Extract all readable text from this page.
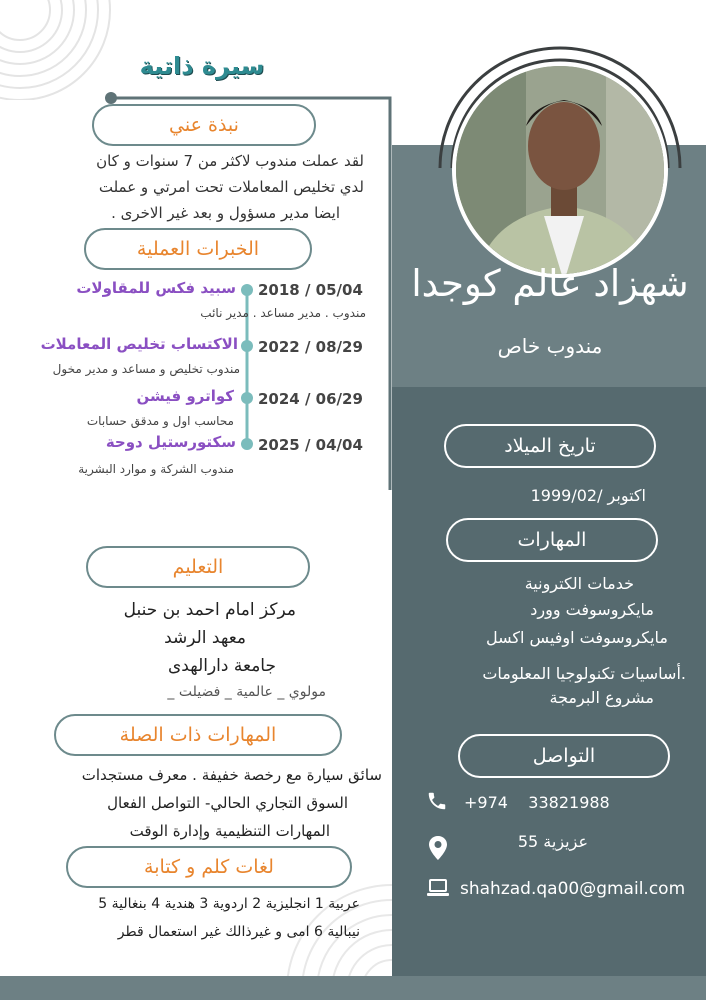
سيرة ذاتية
شهزاد عالم كوجدا
مندوب خاص
نبذة عني
لقد عملت مندوب لاكثر من 7 سنوات و كان
لدي تخليص المعاملات تحت امرتي و عملت
ايضا مدير مسؤول و بعد غير الاخرى .
الخبرات العملية
2018 / 05/04
سبيد فكس للمقاولات
مندوب . مدير مساعد . مدير نائب
2022 / 08/29
الاكتساب تخليص المعاملات
مندوب تخليص و مساعد و مدير مخول
2024 / 06/29
كواترو فيشن
محاسب اول و مدقق حسابات
2025 / 04/04
سكتورستيل دوحة
مندوب الشركة و موارد البشرية
التعليم
مركز امام احمد بن حنبل
معهد الرشد
جامعة دارالهدى
مولوي _ عالمية _ فضيلت _
المهارات ذات الصلة
سائق سيارة مع رخصة خفيفة . معرف مستجدات
السوق التجاري الحالي- التواصل الفعال
المهارات التنظيمية وإدارة الوقت
لغات كلم و كتابة
عربية 1 انجليزية 2 اردوية 3 هندية 4 بنغالية 5
نيبالية 6 امى و غيرذالك غير استعمال قطر
تاريخ الميلاد
1999/اكتوبر /02
المهارات
خدمات الكترونية
مايكروسوفت وورد
مايكروسوفت اوفيس اكسل
أساسيات تكنولوجيا المعلومات.
مشروع البرمجة
التواصل
+974    33821988
عزيزية 55
shahzad.qa00@gmail.com
